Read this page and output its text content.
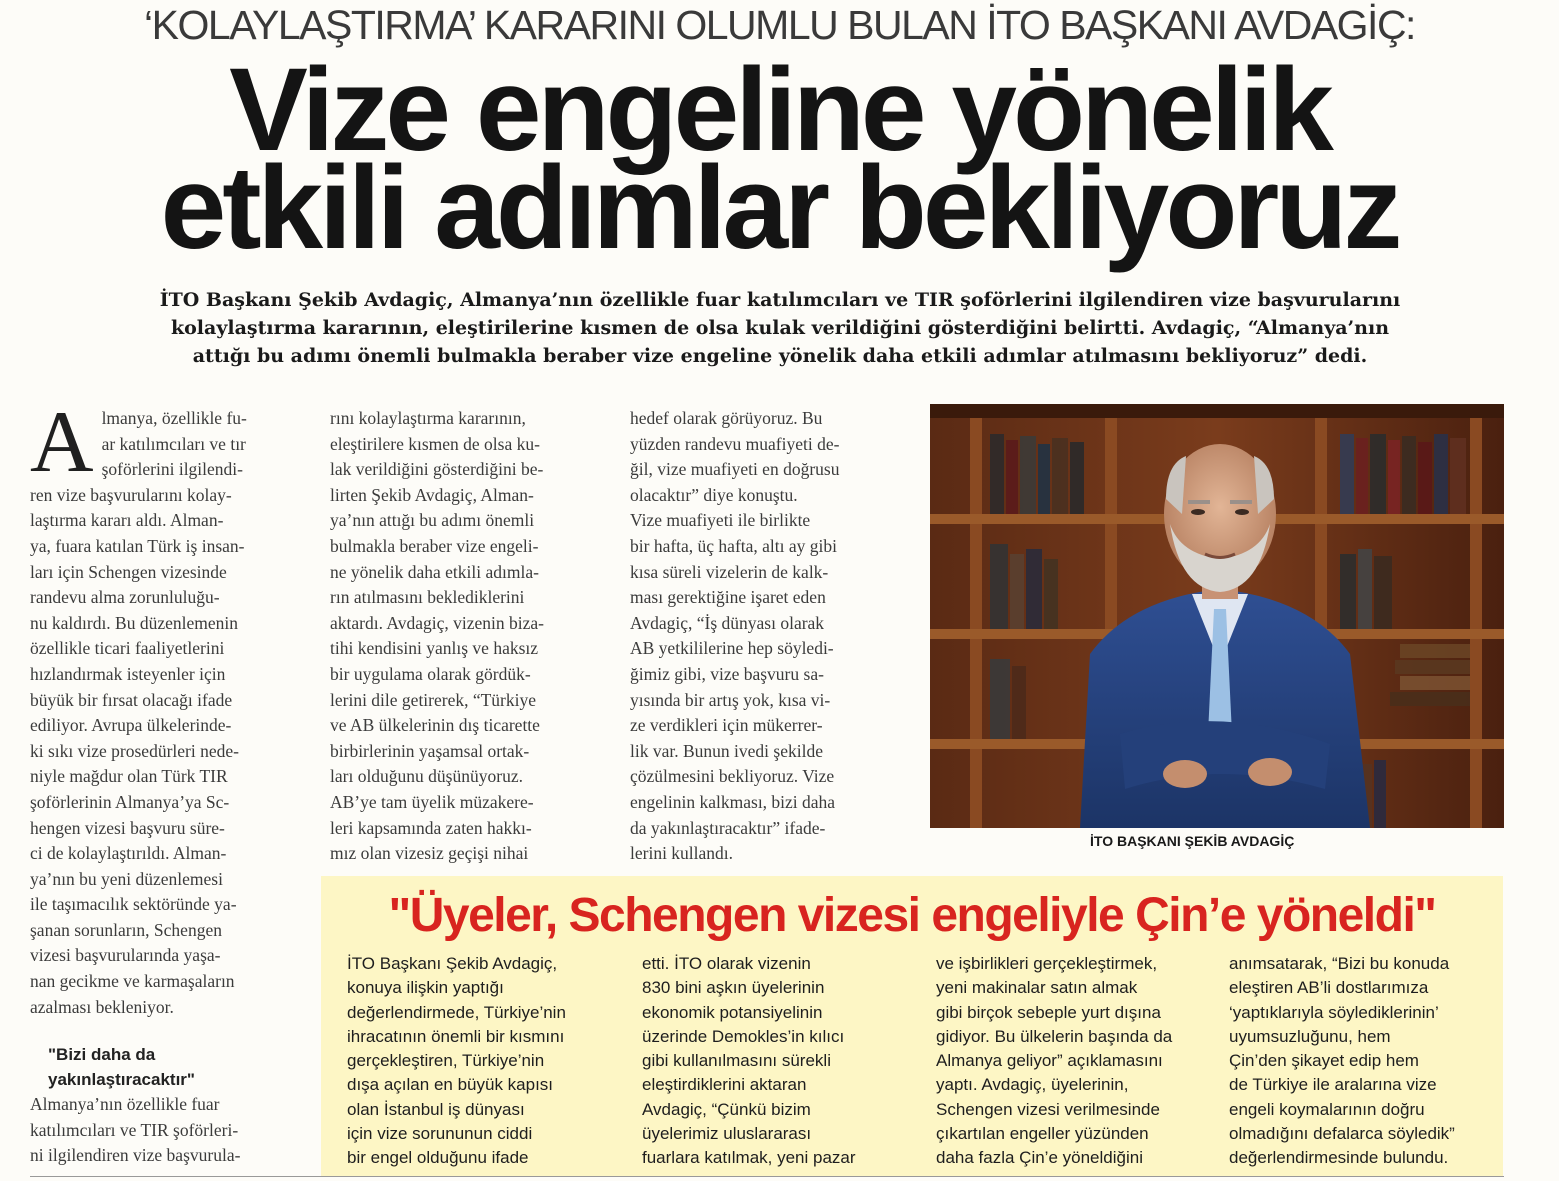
‘KOLAYLAŞTIRMA’ KARARINI OLUMLU BULAN İTO BAŞKANI AVDAGİÇ:
Vize engeline yönelik
etkili adımlar bekliyoruz
İTO Başkanı Şekib Avdagiç, Almanya’nın özellikle fuar katılımcıları ve TIR şoförlerini ilgilendiren vize başvurularını
kolaylaştırma kararının, eleştirilerine kısmen de olsa kulak verildiğini gösterdiğini belirtti. Avdagiç, “Almanya’nın
attığı bu adımı önemli bulmakla beraber vize engeline yönelik daha etkili adımlar atılmasını bekliyoruz” dedi.
A lmanya, özellikle fu-
ar katılımcıları ve tır
şoförlerini ilgilendi-
ren vize başvurularını kolay-
laştırma kararı aldı. Alman-
ya, fuara katılan Türk iş insan-
ları için Schengen vizesinde
randevu alma zorunluluğu-
nu kaldırdı. Bu düzenlemenin
özellikle ticari faaliyetlerini
hızlandırmak isteyenler için
büyük bir fırsat olacağı ifade
ediliyor. Avrupa ülkelerinde-
ki sıkı vize prosedürleri nede-
niyle mağdur olan Türk TIR
şoförlerinin Almanya’ya Sc-
hengen vizesi başvuru süre-
ci de kolaylaştırıldı. Alman-
ya’nın bu yeni düzenlemesi
ile taşımacılık sektöründe ya-
şanan sorunların, Schengen
vizesi başvurularında yaşa-
nan gecikme ve karmaşaların
azalması bekleniyor.
"Bizi daha da
yakınlaştıracaktır"
Almanya’nın özellikle fuar
katılımcıları ve TIR şoförleri-
ni ilgilendiren vize başvurula-
rını kolaylaştırma kararının,
eleştirilere kısmen de olsa ku-
lak verildiğini gösterdiğini be-
lirten Şekib Avdagiç, Alman-
ya’nın attığı bu adımı önemli
bulmakla beraber vize engeli-
ne yönelik daha etkili adımla-
rın atılmasını beklediklerini
aktardı. Avdagiç, vizenin biza-
tihi kendisini yanlış ve haksız
bir uygulama olarak gördük-
lerini dile getirerek, “Türkiye
ve AB ülkelerinin dış ticarette
birbirlerinin yaşamsal ortak-
ları olduğunu düşünüyoruz.
AB’ye tam üyelik müzakere-
leri kapsamında zaten hakkı-
mız olan vizesiz geçişi nihai
hedef olarak görüyoruz. Bu
yüzden randevu muafiyeti de-
ğil, vize muafiyeti en doğrusu
olacaktır” diye konuştu.
Vize muafiyeti ile birlikte
bir hafta, üç hafta, altı ay gibi
kısa süreli vizelerin de kalk-
ması gerektiğine işaret eden
Avdagiç, “İş dünyası olarak
AB yetkililerine hep söyledi-
ğimiz gibi, vize başvuru sa-
yısında bir artış yok, kısa vi-
ze verdikleri için mükerrer-
lik var. Bunun ivedi şekilde
çözülmesini bekliyoruz. Vize
engelinin kalkması, bizi daha
da yakınlaştıracaktır” ifade-
lerini kullandı.
İTO BAŞKANI ŞEKİB AVDAGİÇ
"Üyeler, Schengen vizesi engeliyle Çin’e yöneldi"
İTO Başkanı Şekib Avdagiç,
konuya ilişkin yaptığı
değerlendirmede, Türkiye’nin
ihracatının önemli bir kısmını
gerçekleştiren, Türkiye’nin
dışa açılan en büyük kapısı
olan İstanbul iş dünyası
için vize sorununun ciddi
bir engel olduğunu ifade
etti. İTO olarak vizenin
830 bini aşkın üyelerinin
ekonomik potansiyelinin
üzerinde Demokles’in kılıcı
gibi kullanılmasını sürekli
eleştirdiklerini aktaran
Avdagiç, “Çünkü bizim
üyelerimiz uluslararası
fuarlara katılmak, yeni pazar
ve işbirlikleri gerçekleştirmek,
yeni makinalar satın almak
gibi birçok sebeple yurt dışına
gidiyor. Bu ülkelerin başında da
Almanya geliyor” açıklamasını
yaptı. Avdagiç, üyelerinin,
Schengen vizesi verilmesinde
çıkartılan engeller yüzünden
daha fazla Çin’e yöneldiğini
anımsatarak, “Bizi bu konuda
eleştiren AB’li dostlarımıza
‘yaptıklarıyla söylediklerinin’
uyumsuzluğunu, hem
Çin’den şikayet edip hem
de Türkiye ile aralarına vize
engeli koymalarının doğru
olmadığını defalarca söyledik”
değerlendirmesinde bulundu.
